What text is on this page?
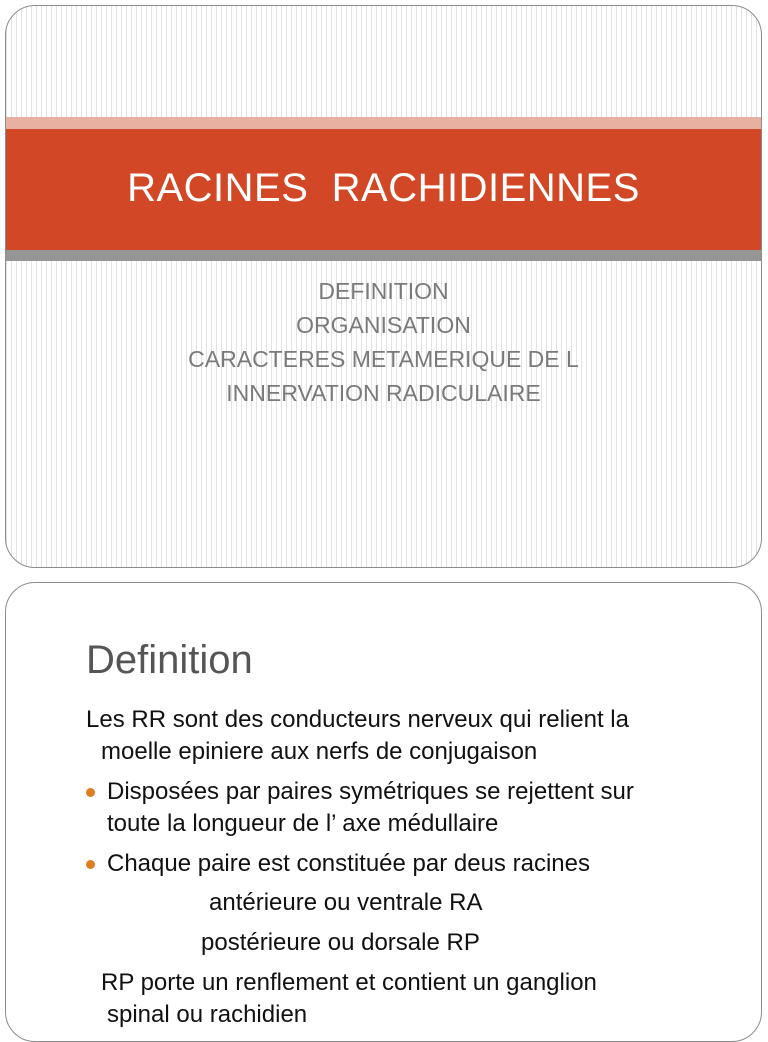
RACINES  RACHIDIENNES
DEFINITION
ORGANISATION
CARACTERES METAMERIQUE DE L
INNERVATION RADICULAIRE
Definition
Les RR sont des conducteurs nerveux qui relient la
moelle epiniere aux nerfs de conjugaison
Disposées par paires symétriques se rejettent sur
toute la longueur de l’ axe médullaire
Chaque paire est constituée par deus racines
antérieure ou ventrale RA
postérieure ou dorsale RP
RP porte un renflement et contient un ganglion
spinal ou rachidien
